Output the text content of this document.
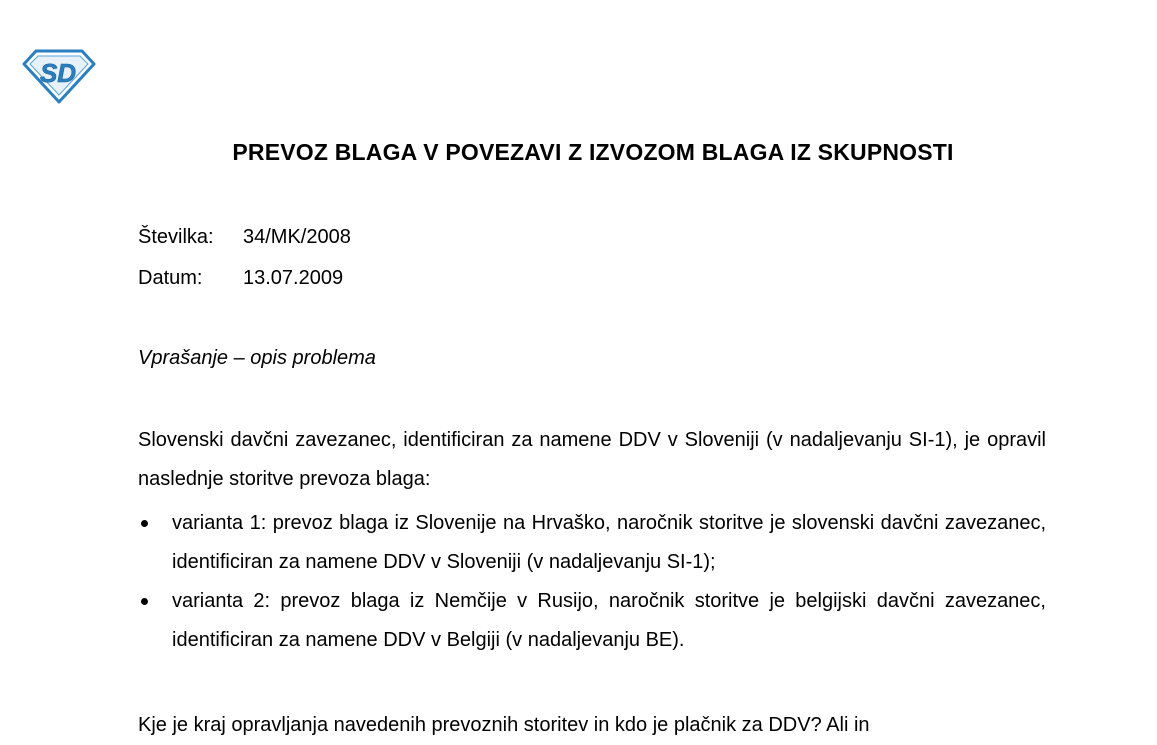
SD
PREVOZ BLAGA V POVEZAVI Z IZVOZOM BLAGA IZ SKUPNOSTI
Številka: 34/MK/2008
Datum: 13.07.2009
Vprašanje – opis problema
Slovenski davčni zavezanec, identificiran za namene DDV v Sloveniji (v nadaljevanju SI-1), je opravil naslednje storitve prevoza blaga:
varianta 1: prevoz blaga iz Slovenije na Hrvaško, naročnik storitve je slovenski davčni zavezanec, identificiran za namene DDV v Sloveniji (v nadaljevanju SI-1);
varianta 2: prevoz blaga iz Nemčije v Rusijo, naročnik storitve je belgijski davčni zavezanec, identificiran za namene DDV v Belgiji (v nadaljevanju BE).
Kje je kraj opravljanja navedenih prevoznih storitev in kdo je plačnik za DDV? Ali in
